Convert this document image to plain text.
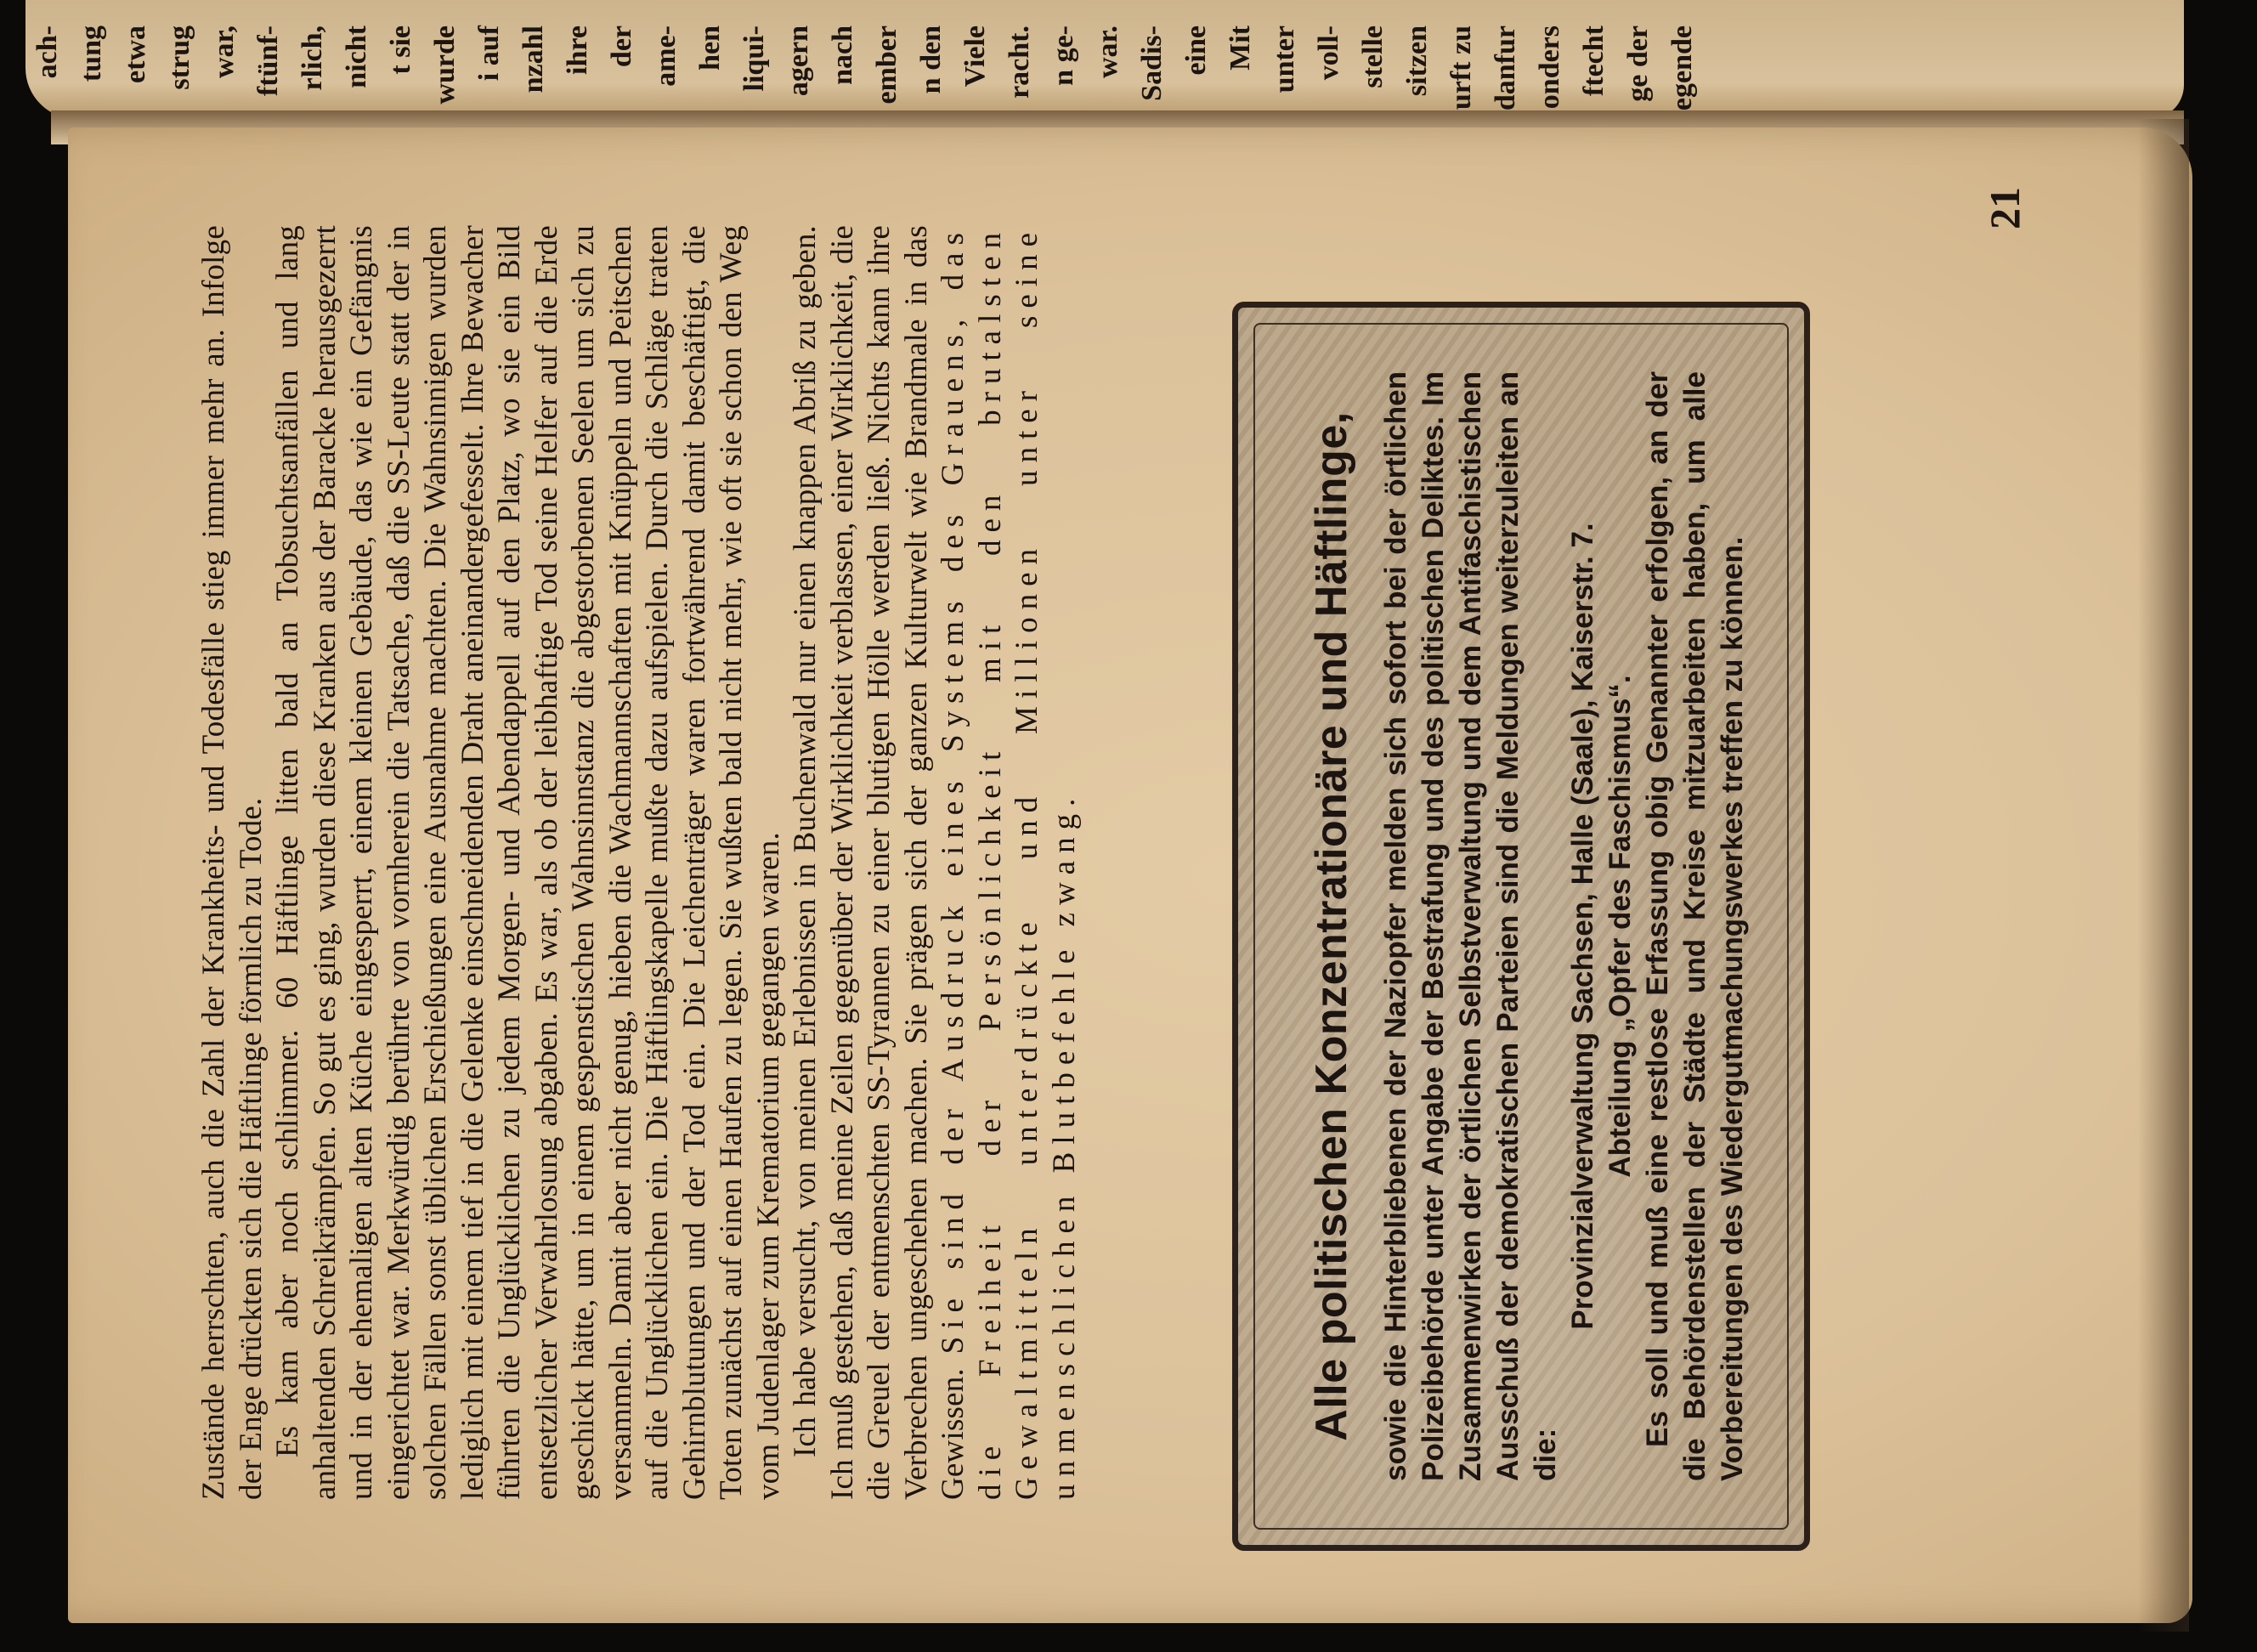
ach- tung etwa strug war, ftünf- rlich, nicht t sie wurde i auf nzahl ihre der ame- hen liqui- agern nach ember n den Viele racht. n ge- war. Sadis- eine Mit unter voll- stelle sitzen urft zu danfur onders ftecht ge der egende

Zustände herrschten, auch die Zahl der Krankheits- und Todesfälle stieg immer mehr an. Infolge der Enge drückten sich die Häftlinge förmlich zu Tode. Es kam aber noch schlimmer. 60 Häftlinge litten bald an Tobsuchtsanfällen und lang anhaltenden Schreikrämpfen. So gut es ging, wurden diese Kranken aus der Baracke herausgezerrt und in der ehemaligen alten Küche eingesperrt, einem kleinen Gebäude, das wie ein Gefängnis eingerichtet war. Merkwürdig berührte von vornherein die Tatsache, daß die SS-Leute statt der in solchen Fällen sonst üblichen Erschießungen eine Ausnahme machten. Die Wahnsinnigen wurden lediglich mit einem tief in die Gelenke einschneidenden Draht aneinandergefesselt. Ihre Bewacher führten die Unglücklichen zu jedem Morgen- und Abendappell auf den Platz, wo sie ein Bild entsetzlicher Verwahrlosung abgaben. Es war, als ob der leibhaftige Tod seine Helfer auf die Erde geschickt hätte, um in einem gespenstischen Wahnsinnstanz die abgestorbenen Seelen um sich zu versammeln. Damit aber nicht genug, hieben die Wachmannschaften mit Knüppeln und Peitschen auf die Unglücklichen ein. Die Häftlingskapelle mußte dazu aufspielen. Durch die Schläge traten Gehirnblutungen und der Tod ein. Die Leichenträger waren fortwährend damit beschäftigt, die Toten zunächst auf einen Haufen zu legen. Sie wußten bald nicht mehr, wie oft sie schon den Weg vom Judenlager zum Krematorium gegangen waren. Ich habe versucht, von meinen Erlebnissen in Buchenwald nur einen knappen Abriß zu geben. Ich muß gestehen, daß meine Zeilen gegenüber der Wirklichkeit verblassen, einer Wirklichkeit, die die Greuel der entmenschten SS-Tyrannen zu einer blutigen Hölle werden ließ. Nichts kann ihre Verbrechen ungeschehen machen. Sie prägen sich der ganzen Kulturwelt wie Brandmale in das Gewissen. Sie sind der Ausdruck eines Systems des Grauens, das die Freiheit der Persönlichkeit mit den brutalsten Gewaltmitteln unterdrückte und Millionen unter seine unmenschlichen Blutbefehle zwang.	Alle politischen Konzentrationäre und Häftlinge, sowie die Hinterbliebenen der Naziopfer melden sich sofort bei der örtlichen Polizeibehörde unter Angabe der Bestrafung und des politischen Deliktes. Im Zusammenwirken der örtlichen Selbstverwaltung und dem Antifaschistischen Ausschuß der demokratischen Parteien sind die Meldungen weiterzuleiten an die:

Provinzialverwaltung Sachsen, Halle (Saale), Kaiserstr. 7. Abteilung „Opfer des Faschismus“. Es soll und muß eine restlose Erfassung obig Genannter erfolgen, an der die Behördenstellen der Städte und Kreise mitzuarbeiten haben, um alle Vorbereitungen des Wiedergutmachungswerkes treffen zu können.

21
